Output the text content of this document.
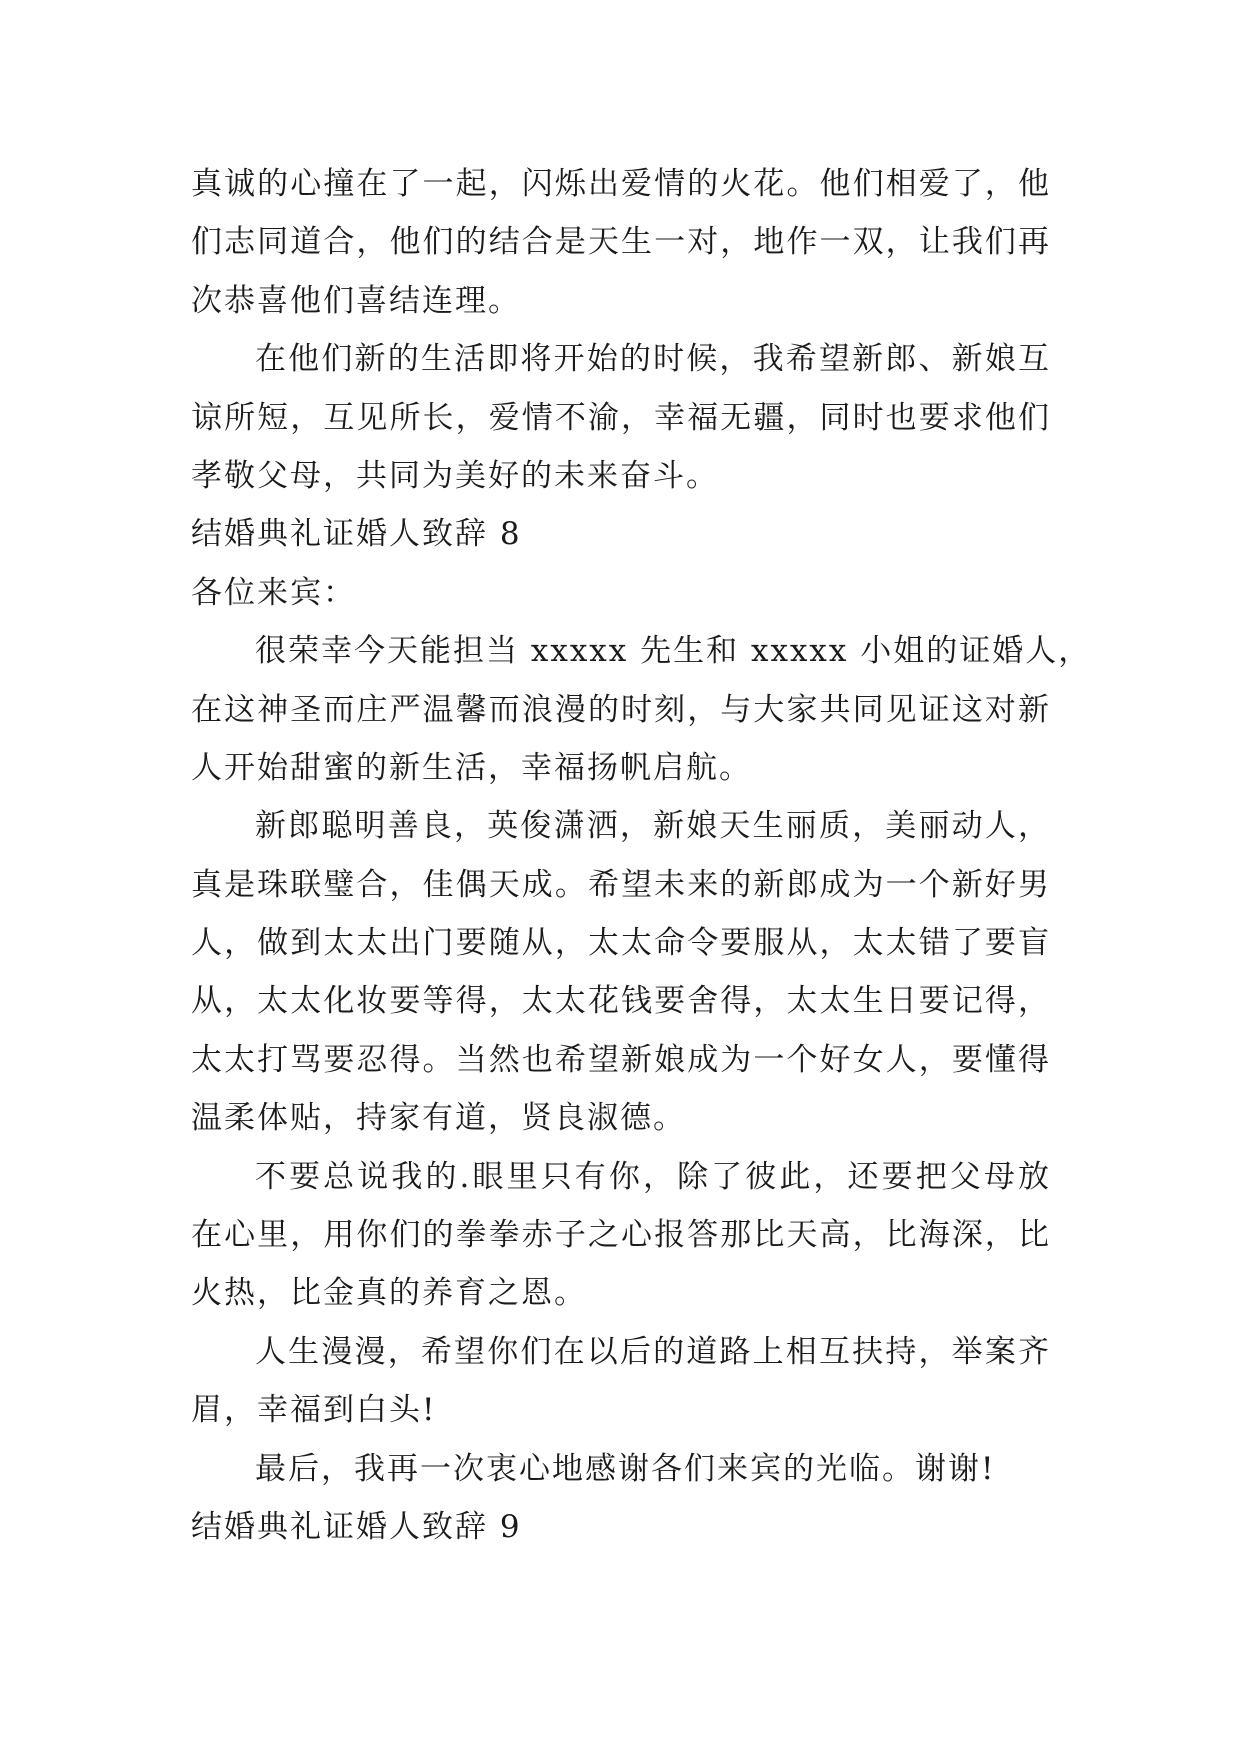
真诚的心撞在了一起，闪烁出爱情的火花。他们相爱了，他
们志同道合，他们的结合是天生一对，地作一双，让我们再
次恭喜他们喜结连理。
在他们新的生活即将开始的时候，我希望新郎、新娘互
谅所短，互见所长，爱情不渝，幸福无疆，同时也要求他们
孝敬父母，共同为美好的未来奋斗。
结婚典礼证婚人致辞 8
各位来宾：
很荣幸今天能担当 xxxxx 先生和 xxxxx 小姐的证婚人，
在这神圣而庄严温馨而浪漫的时刻，与大家共同见证这对新
人开始甜蜜的新生活，幸福扬帆启航。
新郎聪明善良，英俊潇洒，新娘天生丽质，美丽动人，
真是珠联璧合，佳偶天成。希望未来的新郎成为一个新好男
人，做到太太出门要随从，太太命令要服从，太太错了要盲
从，太太化妆要等得，太太花钱要舍得，太太生日要记得，
太太打骂要忍得。当然也希望新娘成为一个好女人，要懂得
温柔体贴，持家有道，贤良淑德。
不要总说我的.眼里只有你，除了彼此，还要把父母放
在心里，用你们的拳拳赤子之心报答那比天高，比海深，比
火热，比金真的养育之恩。
人生漫漫，希望你们在以后的道路上相互扶持，举案齐
眉，幸福到白头!
最后，我再一次衷心地感谢各们来宾的光临。谢谢!
结婚典礼证婚人致辞 9
